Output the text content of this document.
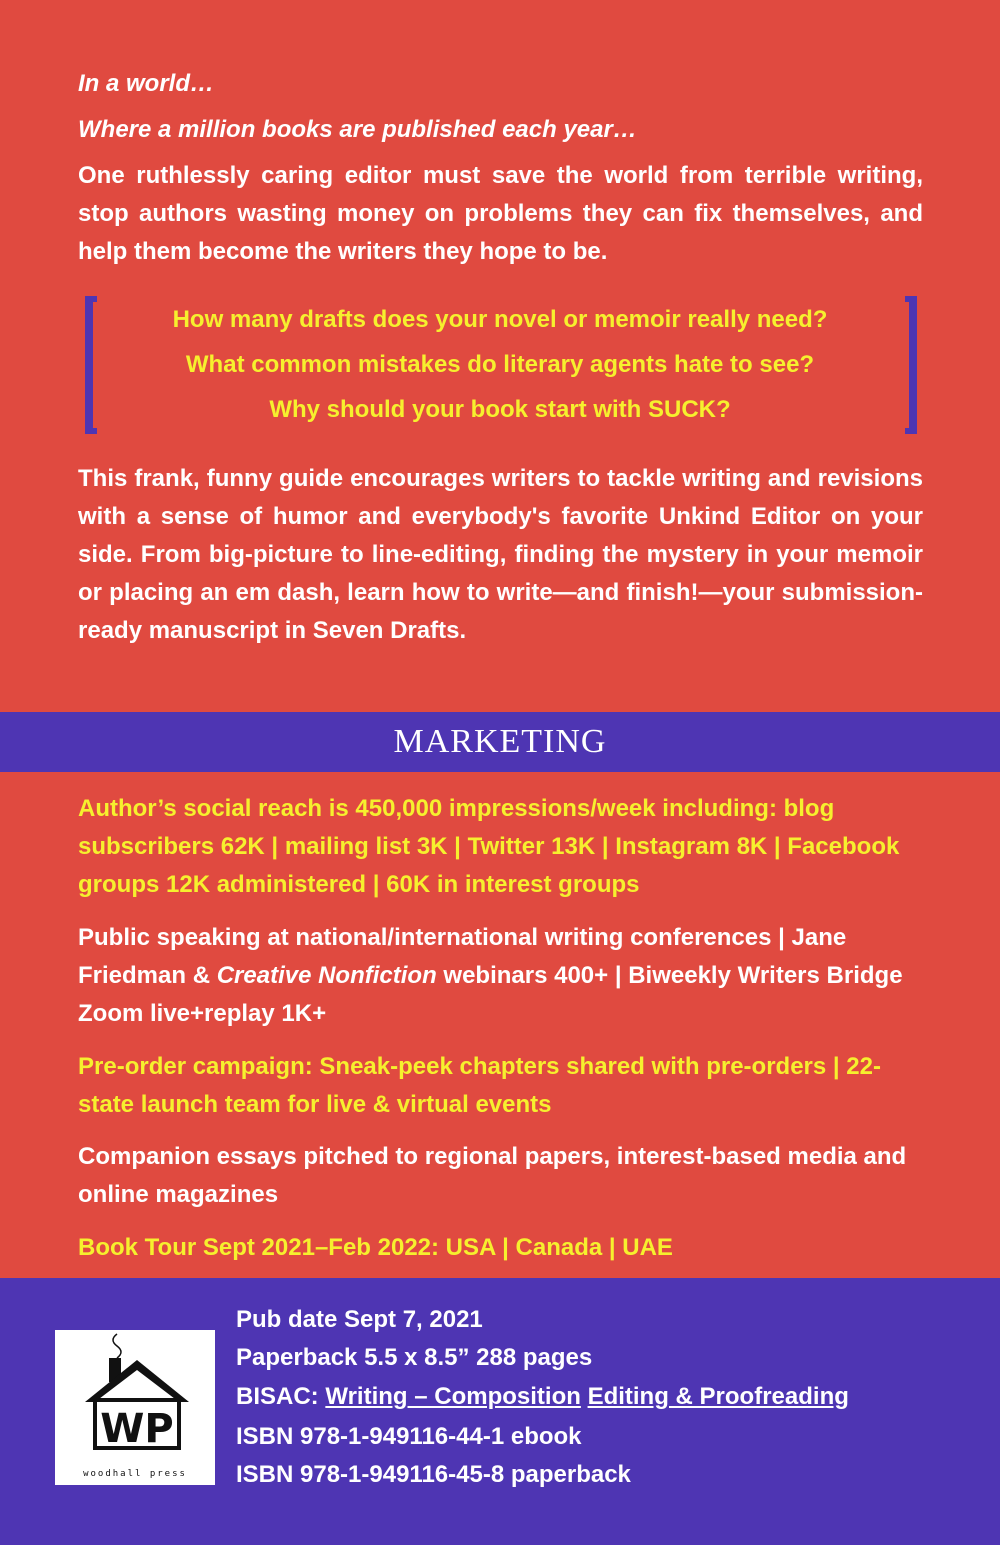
In a world…
Where a million books are published each year…
One ruthlessly caring editor must save the world from terrible writing, stop authors wasting money on problems they can fix themselves, and help them become the writers they hope to be.
How many drafts does your novel or memoir really need?
What common mistakes do literary agents hate to see?
Why should your book start with SUCK?
This frank, funny guide encourages writers to tackle writing and revisions with a sense of humor and everybody's favorite Unkind Editor on your side. From big-picture to line-editing, finding the mystery in your memoir or placing an em dash, learn how to write—and finish!—your submission-ready manuscript in Seven Drafts.
MARKETING
Author’s social reach is 450,000 impressions/week including: blog subscribers 62K | mailing list 3K | Twitter 13K | Instagram 8K | Facebook groups 12K administered | 60K in interest groups
Public speaking at national/international writing conferences | Jane Friedman & Creative Nonfiction webinars 400+ | Biweekly Writers Bridge Zoom live+replay 1K+
Pre-order campaign: Sneak-peek chapters shared with pre-orders | 22-state launch team for live & virtual events
Companion essays pitched to regional papers, interest-based media and online magazines
Book Tour Sept 2021–Feb 2022: USA | Canada | UAE
WP
woodhall press
Pub date Sept 7, 2021
Paperback 5.5 x 8.5” 288 pages
BISAC: Writing – Composition Editing & Proofreading
ISBN 978-1-949116-44-1 ebook
ISBN 978-1-949116-45-8 paperback
